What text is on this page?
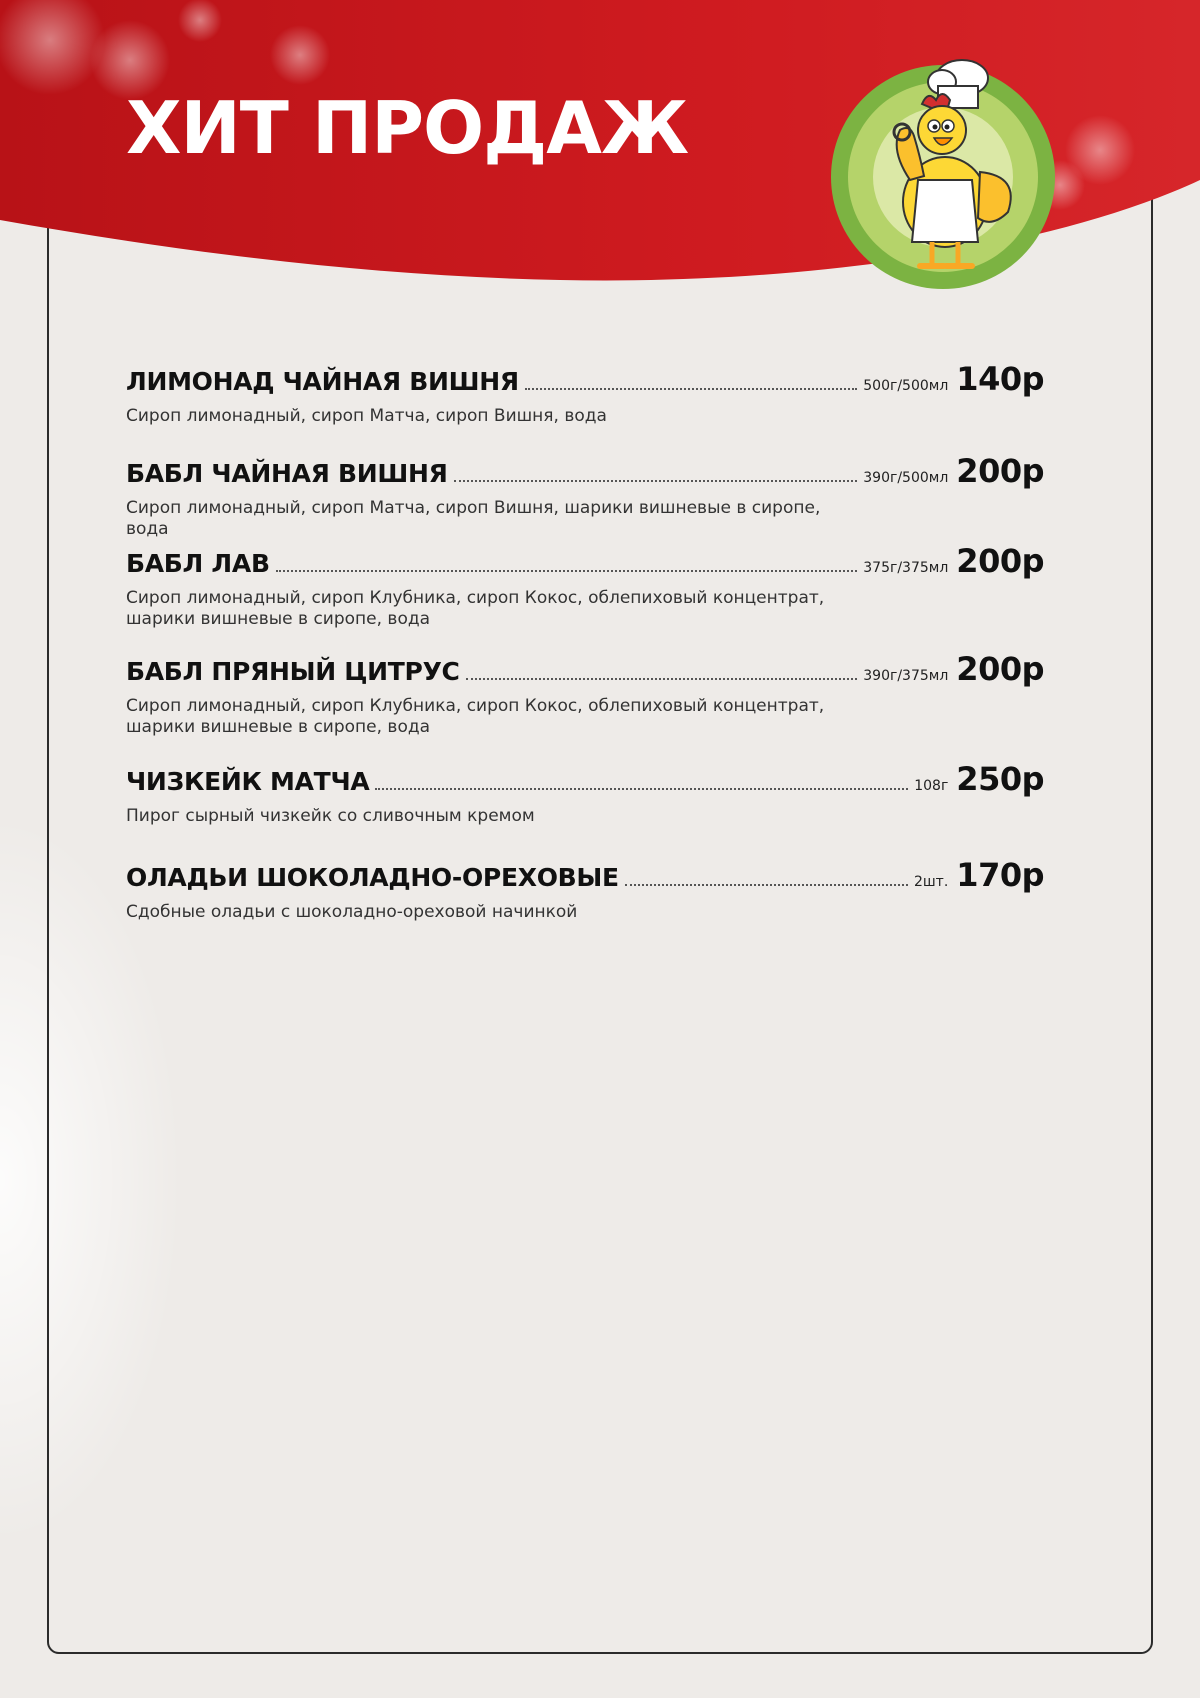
ХИТ ПРОДАЖ
ЛИМОНАД ЧАЙНАЯ ВИШНЯ	500г/500мл 140р
Сироп лимонадный, сироп Матча, сироп Вишня, вода
БАБЛ ЧАЙНАЯ ВИШНЯ	390г/500мл 200р
Сироп лимонадный, сироп Матча, сироп Вишня, шарики вишневые в сиропе, вода
БАБЛ ЛАВ	375г/375мл 200р
Сироп лимонадный, сироп Клубника, сироп Кокос, облепиховый концентрат,
шарики вишневые в сиропе, вода
БАБЛ ПРЯНЫЙ ЦИТРУС	390г/375мл 200р
Сироп лимонадный, сироп Клубника, сироп Кокос, облепиховый концентрат,
шарики вишневые в сиропе, вода
ЧИЗКЕЙК МАТЧА	108г 250р
Пирог сырный чизкейк со сливочным кремом
ОЛАДЬИ ШОКОЛАДНО-ОРЕХОВЫЕ	2шт. 170р
Сдобные оладьи с шоколадно-ореховой начинкой
